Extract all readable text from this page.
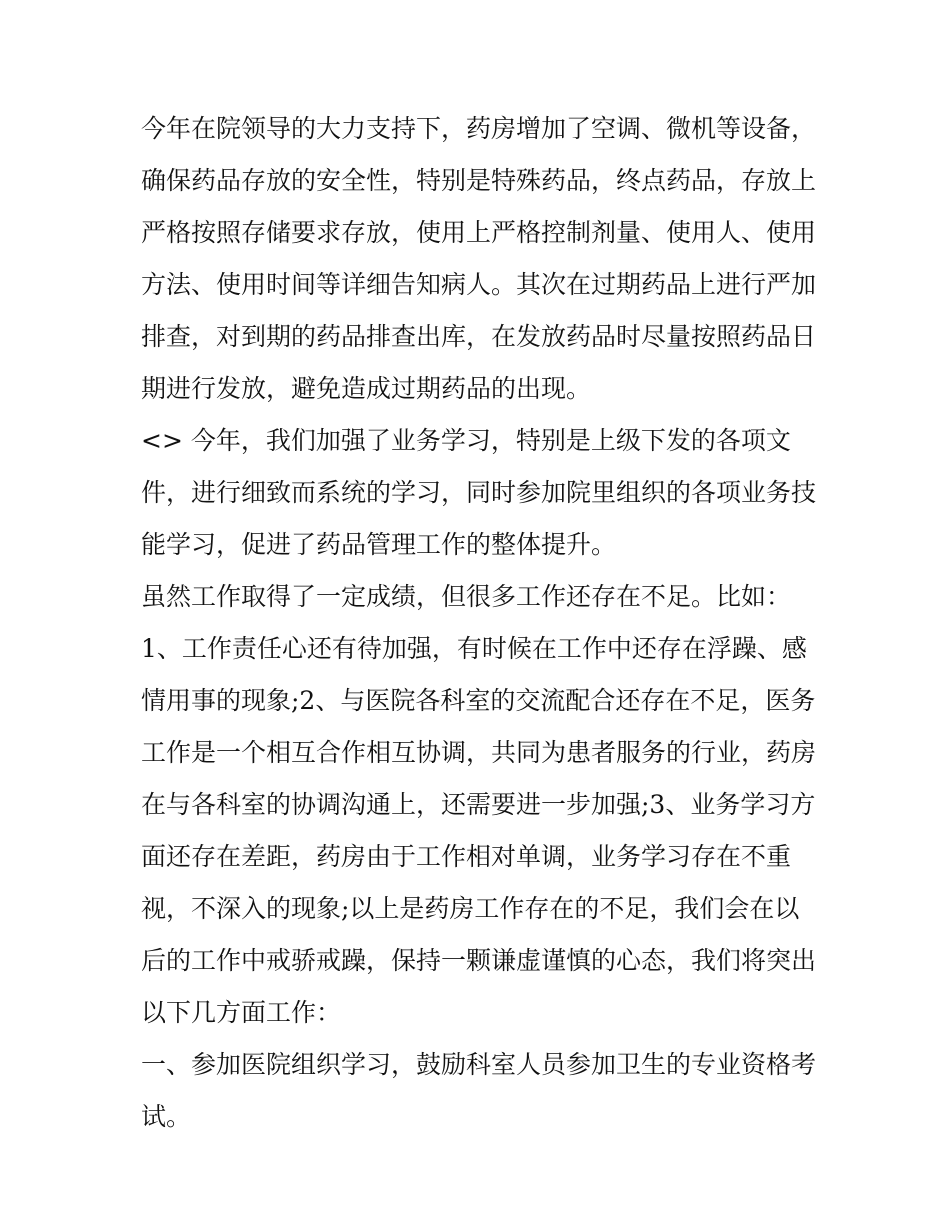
今年在院领导的大力支持下，药房增加了空调、微机等设备，
确保药品存放的安全性，特别是特殊药品，终点药品，存放上
严格按照存储要求存放，使用上严格控制剂量、使用人、使用
方法、使用时间等详细告知病人。其次在过期药品上进行严加
排查，对到期的药品排查出库，在发放药品时尽量按照药品日
期进行发放，避免造成过期药品的出现。
<> 今年，我们加强了业务学习，特别是上级下发的各项文
件，进行细致而系统的学习，同时参加院里组织的各项业务技
能学习，促进了药品管理工作的整体提升。
虽然工作取得了一定成绩，但很多工作还存在不足。比如：
1、工作责任心还有待加强，有时候在工作中还存在浮躁、感
情用事的现象;2、与医院各科室的交流配合还存在不足，医务
工作是一个相互合作相互协调，共同为患者服务的行业，药房
在与各科室的协调沟通上，还需要进一步加强;3、业务学习方
面还存在差距，药房由于工作相对单调，业务学习存在不重
视，不深入的现象;以上是药房工作存在的不足，我们会在以
后的工作中戒骄戒躁，保持一颗谦虚谨慎的心态，我们将突出
以下几方面工作：
一、参加医院组织学习，鼓励科室人员参加卫生的专业资格考
试。
